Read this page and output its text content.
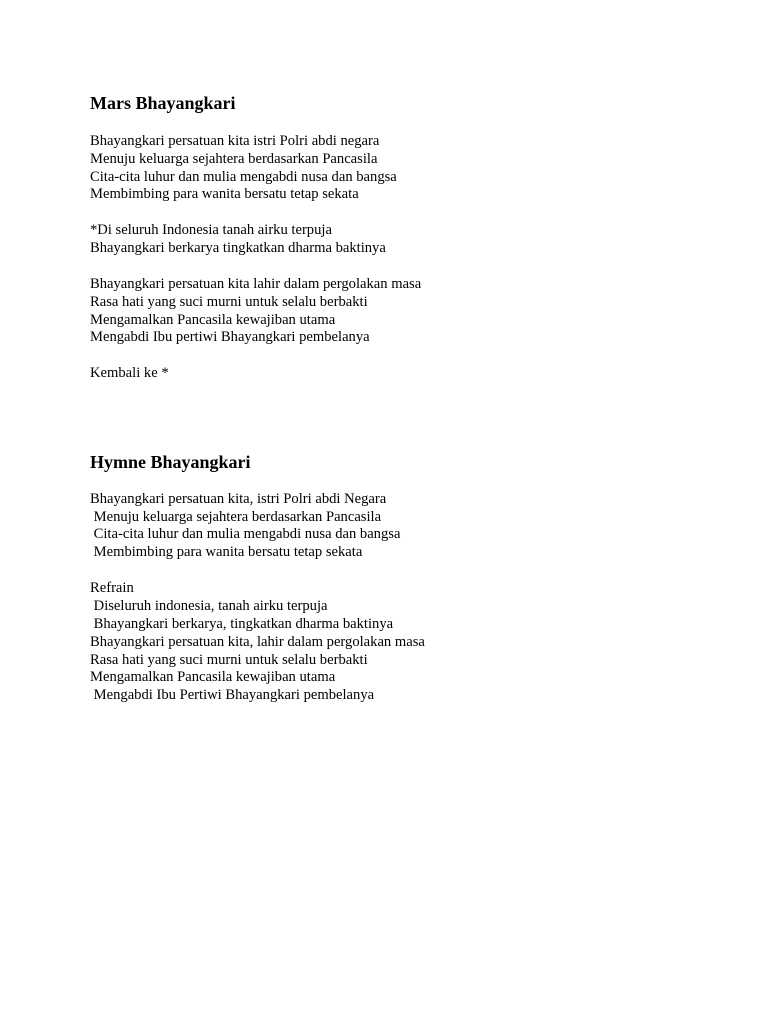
Mars Bhayangkari

Bhayangkari persatuan kita istri Polri abdi negara

Menuju keluarga sejahtera berdasarkan Pancasila

Cita-cita luhur dan mulia mengabdi nusa dan bangsa

Membimbing para wanita bersatu tetap sekata

*Di seluruh Indonesia tanah airku terpuja

Bhayangkari berkarya tingkatkan dharma baktinya

Bhayangkari persatuan kita lahir dalam pergolakan masa

Rasa hati yang suci murni untuk selalu berbakti

Mengamalkan Pancasila kewajiban utama

Mengabdi Ibu pertiwi Bhayangkari pembelanya

Kembali ke *

Hymne Bhayangkari

Bhayangkari persatuan kita, istri Polri abdi Negara

Menuju keluarga sejahtera berdasarkan Pancasila

Cita-cita luhur dan mulia mengabdi nusa dan bangsa

Membimbing para wanita bersatu tetap sekata

Refrain

Diseluruh indonesia, tanah airku terpuja

Bhayangkari berkarya, tingkatkan dharma baktinya

Bhayangkari persatuan kita, lahir dalam pergolakan masa

Rasa hati yang suci murni untuk selalu berbakti

Mengamalkan Pancasila kewajiban utama

Mengabdi Ibu Pertiwi Bhayangkari pembelanya
